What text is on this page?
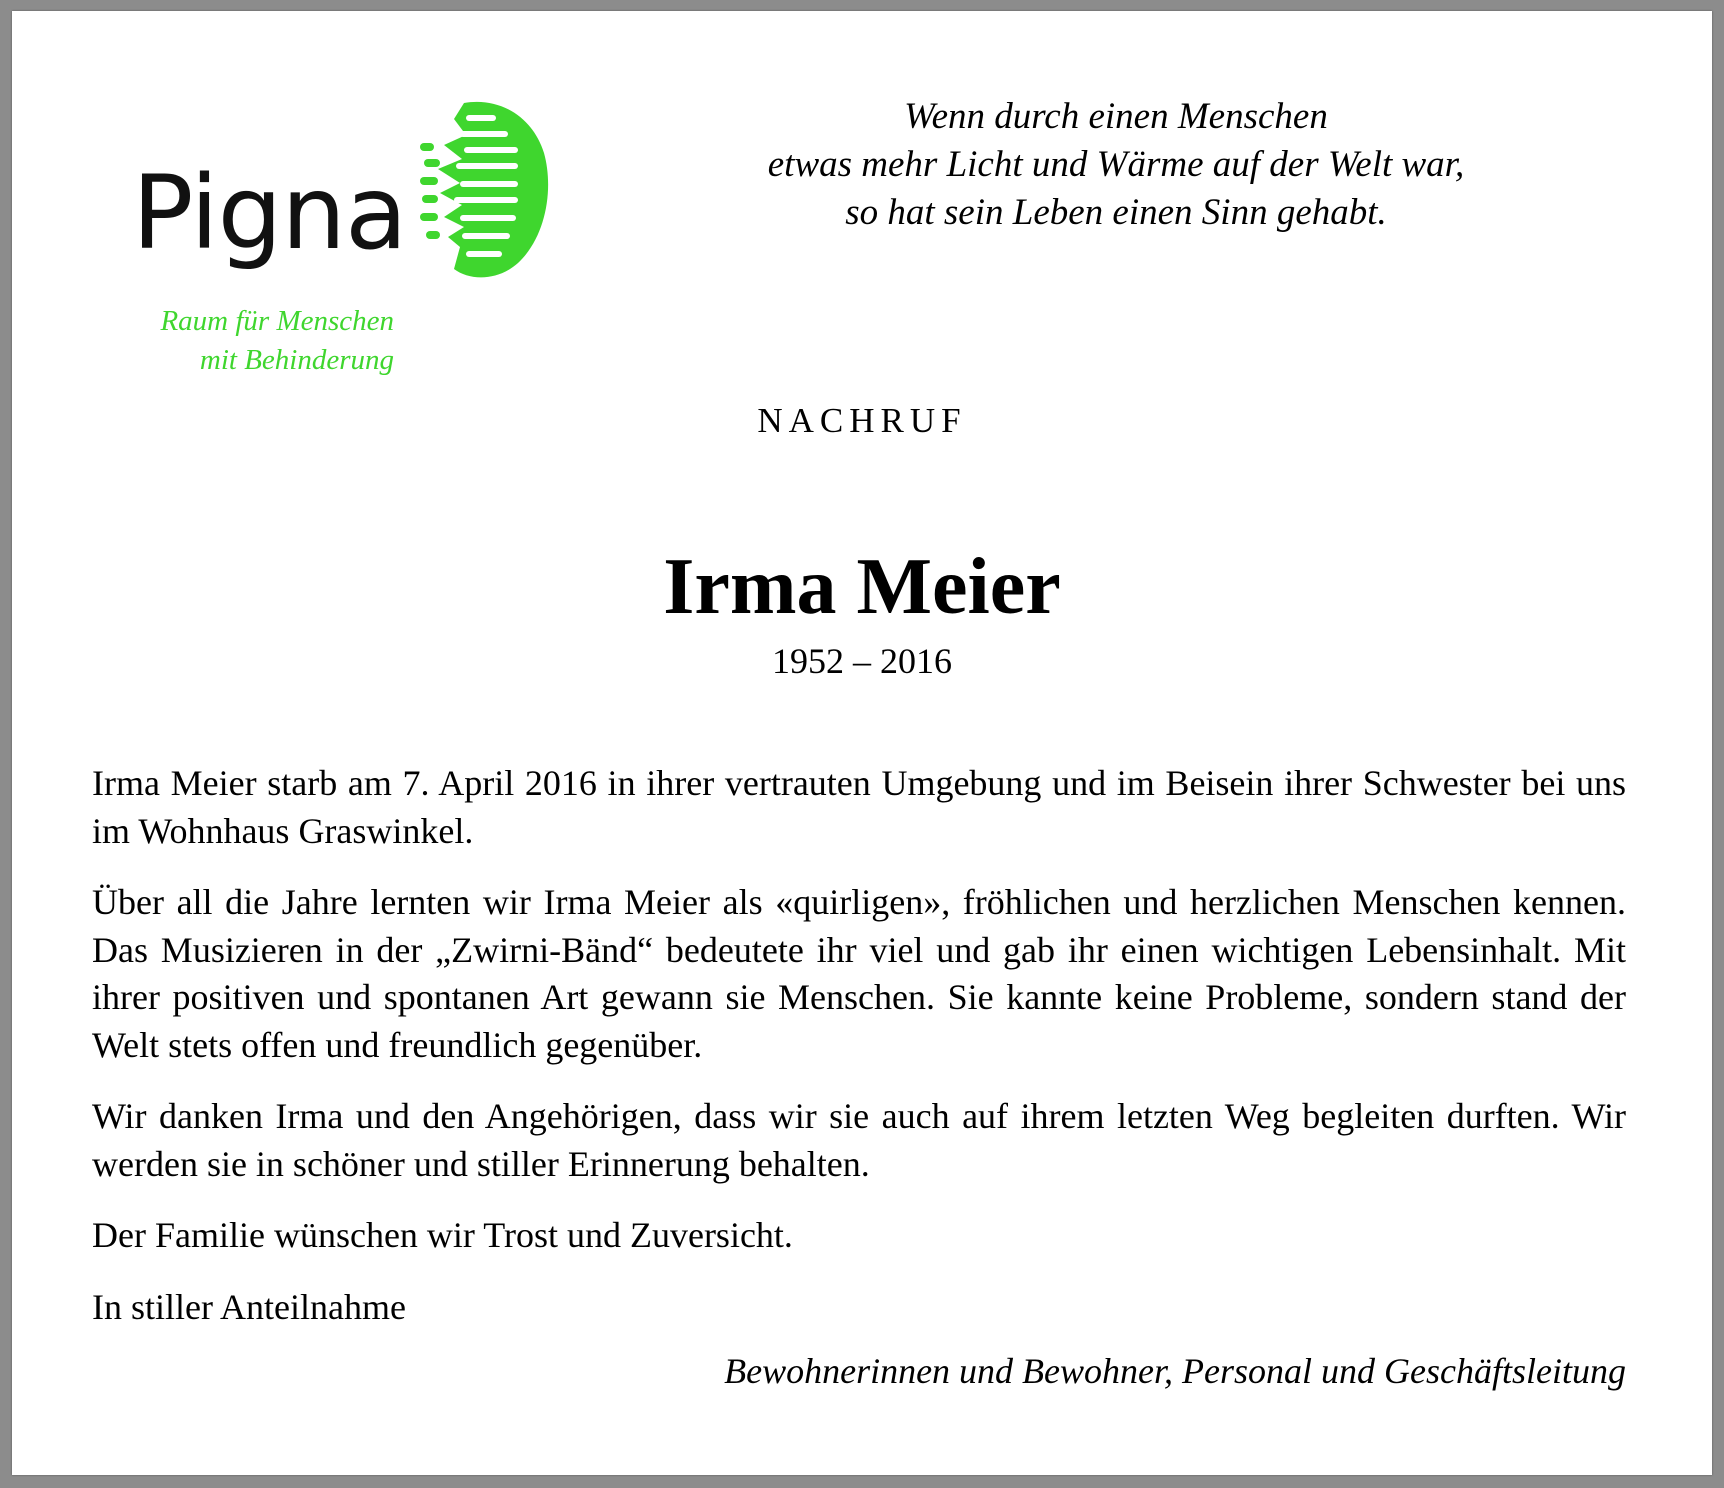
Pigna
Raum für Menschen
mit Behinderung
Wenn durch einen Menschen
etwas mehr Licht und Wärme auf der Welt war,
so hat sein Leben einen Sinn gehabt.
NACHRUF
Irma Meier
1952 – 2016

Irma Meier starb am 7. April 2016 in ihrer vertrauten Umgebung und im Beisein ihrer Schwester bei uns im Wohnhaus Graswinkel.

Über all die Jahre lernten wir Irma Meier als «quirligen», fröhlichen und herzlichen Menschen kennen. Das Musizieren in der „Zwirni-Bänd“ bedeutete ihr viel und gab ihr einen wichtigen Lebensinhalt. Mit ihrer positiven und spontanen Art gewann sie Menschen. Sie kannte keine Probleme, sondern stand der Welt stets offen und freundlich gegenüber.

Wir danken Irma und den Angehörigen, dass wir sie auch auf ihrem letzten Weg begleiten durften. Wir werden sie in schöner und stiller Erinnerung behalten.

Der Familie wünschen wir Trost und Zuversicht.

In stiller Anteilnahme

Bewohnerinnen und Bewohner, Personal und Geschäftsleitung
